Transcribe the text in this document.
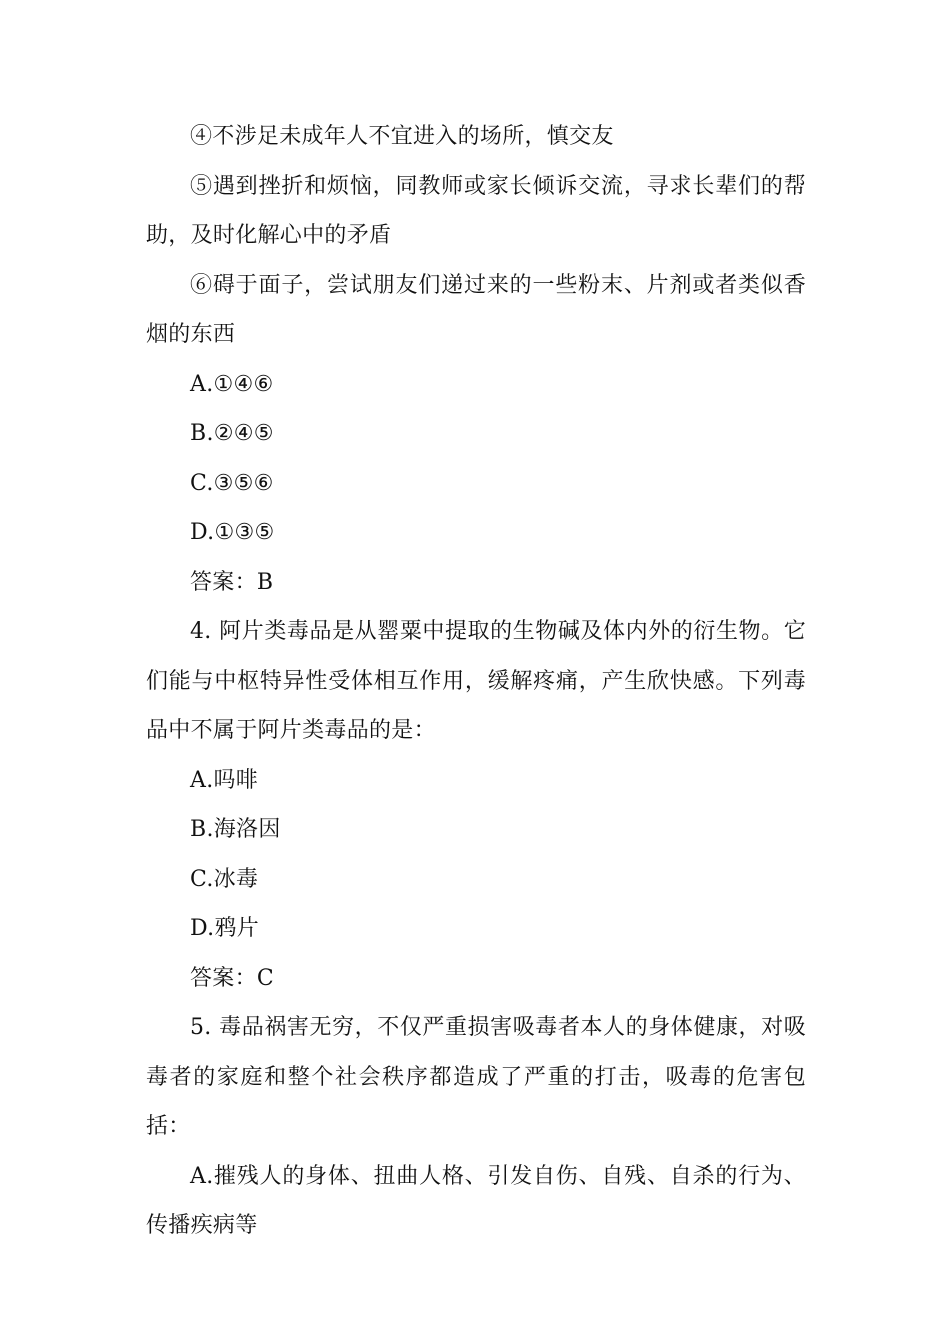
④不涉足未成年人不宜进入的场所，慎交友

⑤遇到挫折和烦恼，同教师或家长倾诉交流，寻求长辈们的帮助，及时化解心中的矛盾

⑥碍于面子，尝试朋友们递过来的一些粉末、片剂或者类似香烟的东西

A.①④⑥

B.②④⑤

C.③⑤⑥

D.①③⑤

答案：B

4. 阿片类毒品是从罂粟中提取的生物碱及体内外的衍生物。它们能与中枢特异性受体相互作用，缓解疼痛，产生欣快感。下列毒品中不属于阿片类毒品的是：

A.吗啡

B.海洛因

C.冰毒

D.鸦片

答案：C

5. 毒品祸害无穷，不仅严重损害吸毒者本人的身体健康，对吸毒者的家庭和整个社会秩序都造成了严重的打击，吸毒的危害包括：

A.摧残人的身体、扭曲人格、引发自伤、自残、自杀的行为、传播疾病等
